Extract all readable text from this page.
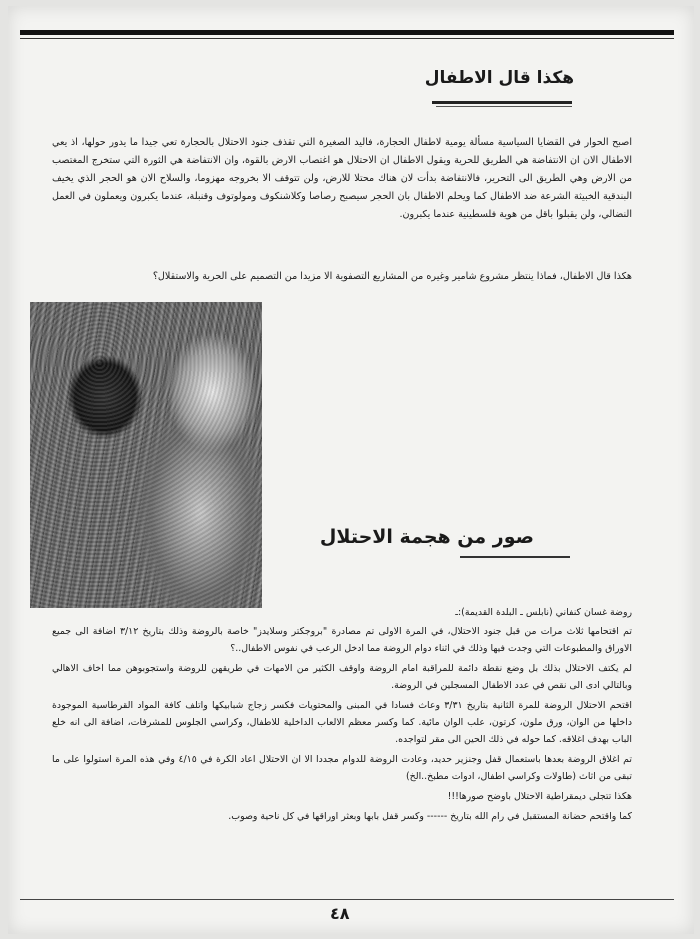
هكذا قال الاطفال
اصبح الحوار في القضايا السياسية مسألة يومية لاطفال الحجارة، فاليد الصغيرة التي تقذف جنود الاحتلال بالحجارة تعي جيدا ما يدور حولها، اذ يعي الاطفال الان ان الانتفاضة هي الطريق للحرية ويقول الاطفال ان الاحتلال هو اغتصاب الارض بالقوة، وان الانتفاضة هي الثورة التي ستخرج المغتصب من الارض وهي الطريق الى التحرير، فالانتفاضة بدأت لان هناك محتلا للارض، ولن تتوقف الا بخروجه مهزوما، والسلاح الان هو الحجر الذي يخيف البندقية الخبيثة الشرعة ضد الاطفال كما ويحلم الاطفال بان الحجر سيصبح رصاصا وكلاشنكوف ومولوتوف وقنبلة، عندما يكبرون ويعملون في العمل النضالي، ولن يقبلوا باقل من هوية فلسطينية عندما يكبرون.
هكذا قال الاطفال، فماذا ينتظر مشروع شامير وغيره من المشاريع التصفوية الا مزيدا من التصميم على الحرية والاستقلال؟
صور من هجمة الاحتلال

روضة غسان كنفاني (نابلس ـ البلدة القديمة):ـ

تم اقتحامها ثلاث مرات من قبل جنود الاحتلال، في المرة الاولى تم مصادرة "بروجكتر وسلايدز" خاصة بالروضة وذلك بتاريخ ٣/١٢ اضافة الى جميع الاوراق والمطبوعات التي وجدت فيها وذلك في اثناء دوام الروضة مما ادخل الرعب في نفوس الاطفال..؟

لم يكتف الاحتلال بذلك بل وضع نقطة دائمة للمراقبة امام الروضة واوقف الكثير من الامهات في طريقهن للروضة واستجوبوهن مما اخاف الاهالي وبالتالي ادى الى نقص في عدد الاطفال المسجلين في الروضة.

اقتحم الاحتلال الروضة للمرة الثانية بتاريخ ٣/٣١ وعاث فسادا في المبنى والمحتويات فكسر زجاج شبابيكها واتلف كافة المواد القرطاسية الموجودة داخلها من الوان، ورق ملون، كرتون، علب الوان مائية. كما وكسر معظم الالعاب الداخلية للاطفال، وكراسي الجلوس للمشرفات، اضافة الى انه خلع الباب بهدف اغلاقه. كما حوله في ذلك الحين الى مقر لتواجده.

تم اغلاق الروضة بعدها باستعمال قفل وجنزير حديد، وعادت الروضة للدوام مجددا الا ان الاحتلال اعاد الكرة في ٤/١٥ وفي هذه المرة استولوا على ما تبقى من اثاث (طاولات وكراسي اطفال، ادوات مطبخ..الخ)

هكذا تتجلى ديمقراطية الاحتلال باوضح صورها!!!

كما واقتحم حضانة المستقبل في رام الله بتاريخ ------ وكسر قفل بابها وبعثر اوراقها في كل ناحية وصوب.

٤٨
